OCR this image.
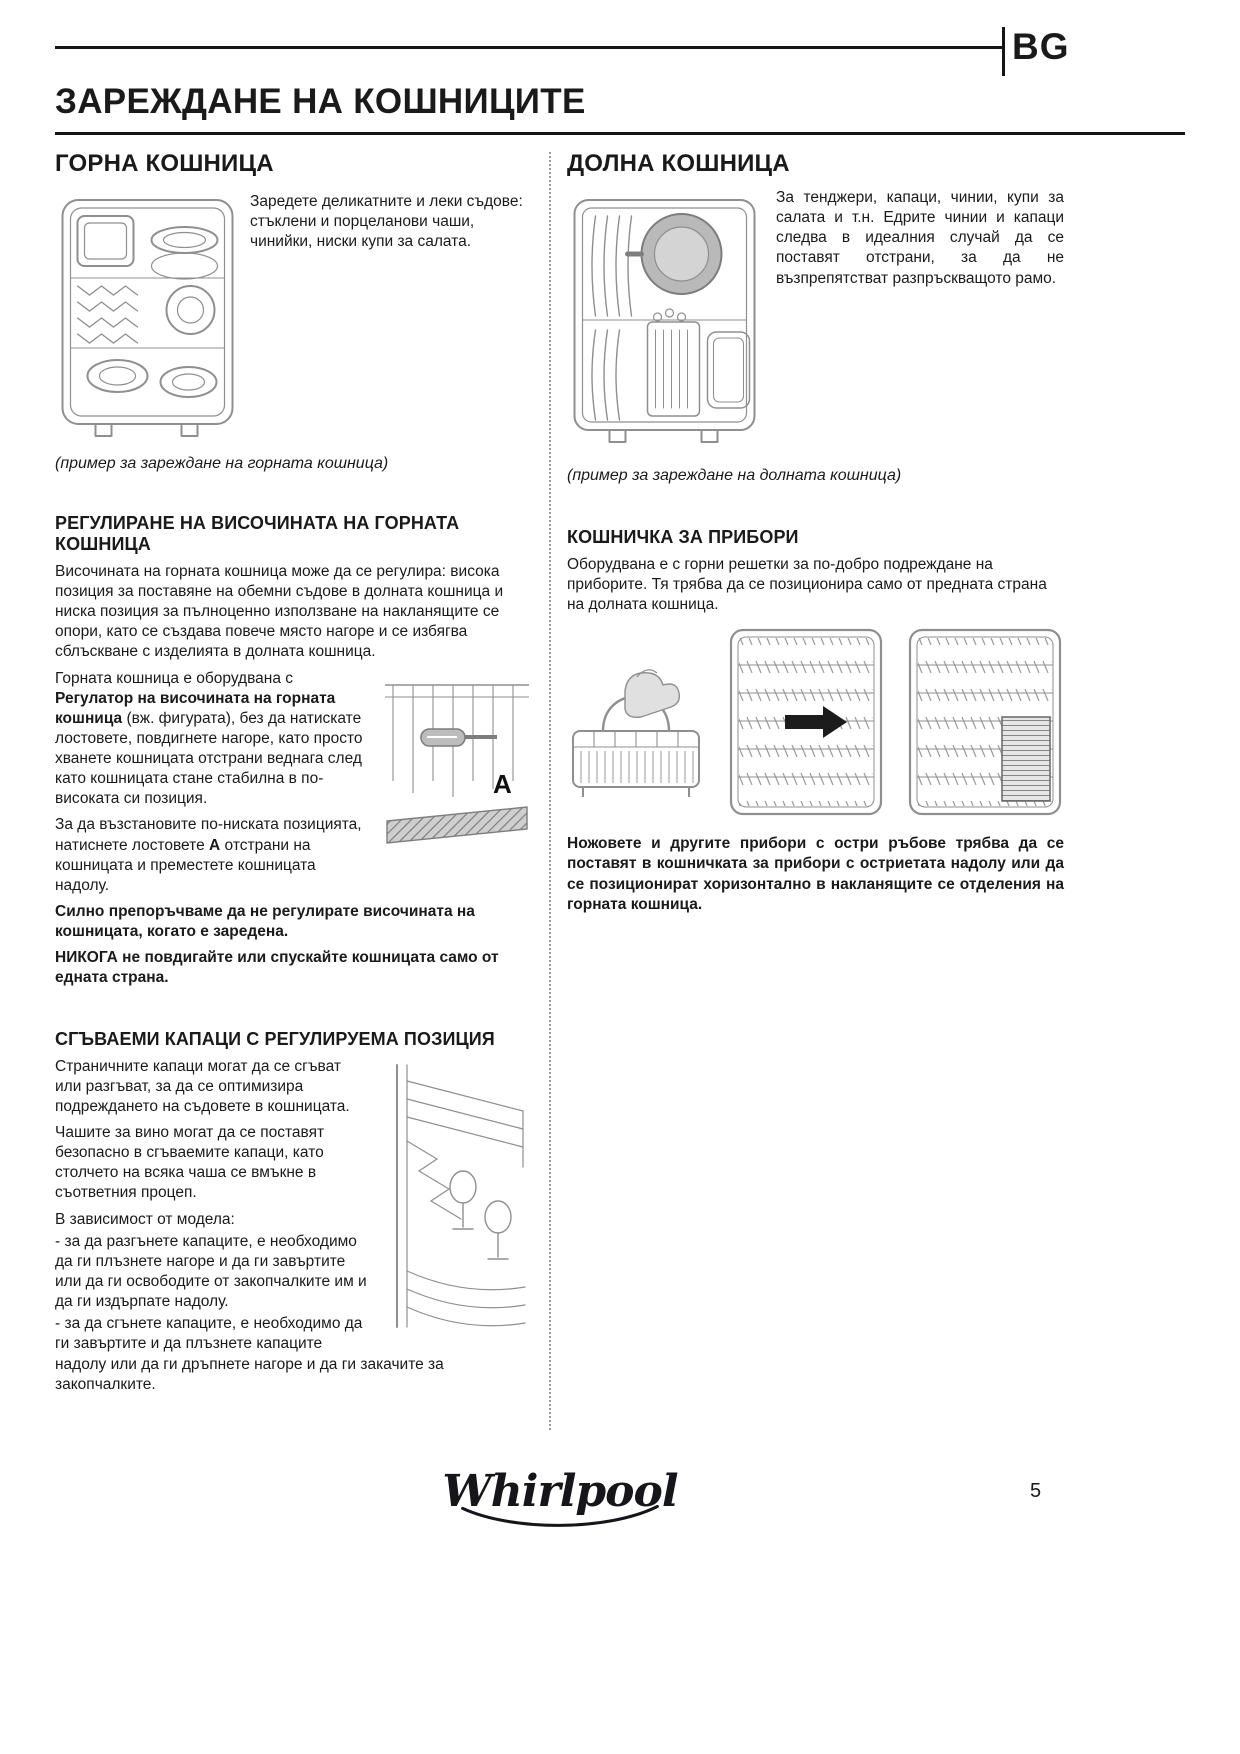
BG
ЗАРЕЖДАНЕ НА КОШНИЦИТЕ
ГОРНА КОШНИЦА

Заредете деликатните и леки съдове: стъклени и порцеланови чаши, чинийки, ниски купи за салата.

(пример за зареждане на горната кошница)

РЕГУЛИРАНЕ НА ВИСОЧИНАТА НА ГОРНАТА КОШНИЦА

Височината на горната кошница може да се регулира: висока позиция за поставяне на обемни съдове в долната кошница и ниска позиция за пълноценно използване на накланящите се опори, като се създава повече място нагоре и се избягва сблъскване с изделията в долната кошница.

A

Горната кошница е оборудвана с Регулатор на височината на горната кошница (вж. фигурата), без да натискате лостовете, повдигнете нагоре, като просто хванете кошницата отстрани веднага след като кошницата стане стабилна в по-високата си позиция.

За да възстановите по-ниската позицията, натиснете лостовете A отстрани на кошницата и преместете кошницата надолу.

Силно препоръчваме да не регулирате височината на кошницата, когато е заредена.

НИКОГА не повдигайте или спускайте кошницата само от едната страна.

СГЪВАЕМИ КАПАЦИ С РЕГУЛИРУЕМА ПОЗИЦИЯ

Страничните капаци могат да се сгъват или разгъват, за да се оптимизира подреждането на съдовете в кошницата.

Чашите за вино могат да се поставят безопасно в сгъваемите капаци, като столчето на всяка чаша се вмъкне в съответния процеп.

В зависимост от модела:

- за да разгънете капаците, е необходимо да ги плъзнете нагоре и да ги завъртите или да ги освободите от закопчалките им и да ги издърпате надолу.

- за да сгънете капаците, е необходимо да ги завъртите и да плъзнете капаците надолу или да ги дръпнете нагоре и да ги закачите за закопчалките.

ДОЛНА КОШНИЦА

За тенджери, капаци, чинии, купи за салата и т.н. Едрите чинии и капаци следва в идеалния случай да се поставят отстрани, за да не възпрепятстват разпръскващото рамо.

(пример за зареждане на долната кошница)

КОШНИЧКА ЗА ПРИБОРИ

Оборудвана е с горни решетки за по-добро подреждане на приборите. Тя трябва да се позиционира само от предната страна на долната кошница.

Ножовете и другите прибори с остри ръбове трябва да се поставят в кошничката за прибори с остриетата надолу или да се позиционират хоризонтално в накланящите се отделения на горната кошница.

Whirlpool	5
